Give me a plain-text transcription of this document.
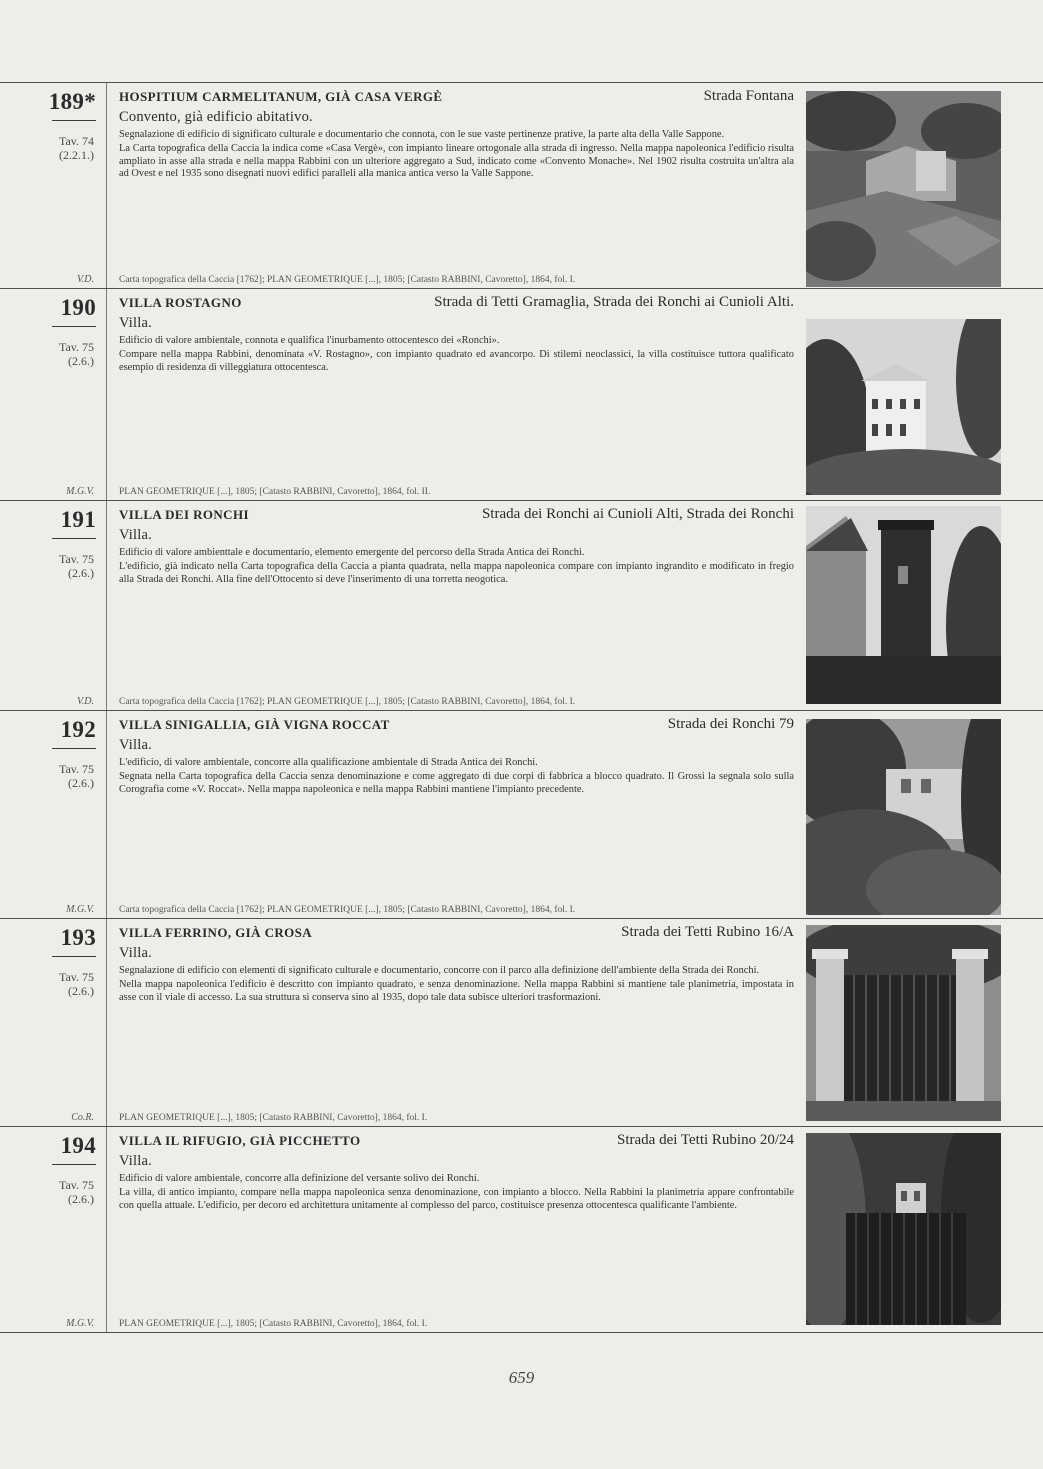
189*
Tav. 74
(2.2.1.)
V.D.
HOSPITIUM CARMELITANUM, GIÀ CASA VERGÈ	Strada Fontana
Convento, già edificio abitativo.

Segnalazione di edificio di significato culturale e documentario che connota, con le sue vaste pertinenze prative, la parte alta della Valle Sappone.

La Carta topografica della Caccia la indica come «Casa Vergè», con impianto lineare ortogonale alla strada di ingresso. Nella mappa napoleonica l'edificio risulta ampliato in asse alla strada e nella mappa Rabbini con un ulteriore aggregato a Sud, indicato come «Convento Monache». Nel 1902 risulta costruita un'altra ala ad Ovest e nel 1935 sono disegnati nuovi edifici paralleli alla manica antica verso la Valle Sappone.

Carta topografica della Caccia [1762]; PLAN GEOMÉTRIQUE [...], 1805; [Catasto RABBINI, Cavoretto], 1864, fol. I.
190
Tav. 75
(2.6.)
M.G.V.
VILLA ROSTAGNO	Strada di Tetti Gramaglia, Strada dei Ronchi ai Cunioli Alti.
Villa.

Edificio di valore ambientale, connota e qualifica l'inurbamento ottocentesco dei «Ronchi».

Compare nella mappa Rabbini, denominata «V. Rostagno», con impianto quadrato ed avancorpo. Di stilemi neoclassici, la villa costituisce tuttora qualificato esempio di residenza di villeggiatura ottocentesca.

PLAN GEOMÉTRIQUE [...], 1805; [Catasto RABBINI, Cavoretto], 1864, fol. II.
191
Tav. 75
(2.6.)
V.D.
VILLA DEI RONCHI	Strada dei Ronchi ai Cunioli Alti, Strada dei Ronchi
Villa.

Edificio di valore ambienttale e documentario, elemento emergente del percorso della Strada Antica dei Ronchi.

L'edificio, già indicato nella Carta topografica della Caccia a pianta quadrata, nella mappa napoleonica compare con impianto ingrandito e modificato in fregio alla Strada dei Ronchi. Alla fine dell'Ottocento si deve l'inserimento di una torretta neogotica.

Carta topografica della Caccia [1762]; PLAN GEOMÉTRIQUE [...], 1805; [Catasto RABBINI, Cavoretto], 1864, fol. I.
192
Tav. 75
(2.6.)
M.G.V.
VILLA SINIGALLIA, GIÀ VIGNA ROCCAT	Strada dei Ronchi 79
Villa.

L'edificio, di valore ambientale, concorre alla qualificazione ambientale di Strada Antica dei Ronchi.

Segnata nella Carta topografica della Caccia senza denominazione e come aggregato di due corpi di fabbrica a blocco quadrato. Il Grossi la segnala solo sulla Corografia come «V. Roccat». Nella mappa napoleonica e nella mappa Rabbini mantiene l'impianto precedente.

Carta topografica della Caccia [1762]; PLAN GEOMÉTRIQUE [...], 1805; [Catasto RABBINI, Cavoretto], 1864, fol. I.
193
Tav. 75
(2.6.)
Co.R.
VILLA FERRINO, GIÀ CROSA	Strada dei Tetti Rubino 16/A
Villa.

Segnalazione di edificio con elementi di significato culturale e documentario, concorre con il parco alla definizione dell'ambiente della Strada dei Ronchi.

Nella mappa napoleonica l'edificio è descritto con impianto quadrato, e senza denominazione. Nella mappa Rabbini si mantiene tale planimetria, impostata in asse con il viale di accesso. La sua struttura si conserva sino al 1935, dopo tale data subisce ulteriori trasformazioni.

PLAN GEOMÉTRIQUE [...], 1805; [Catasto RABBINI, Cavoretto], 1864, fol. I.
194
Tav. 75
(2.6.)
M.G.V.
VILLA IL RIFUGIO, GIÀ PICCHETTO	Strada dei Tetti Rubino 20/24
Villa.

Edificio di valore ambientale, concorre alla definizione del versante solivo dei Ronchi.

La villa, di antico impianto, compare nella mappa napoleonica senza denominazione, con impianto a blocco. Nella Rabbini la planimetria appare confrontabile con quella attuale. L'edificio, per decoro ed architettura unitamente al complesso del parco, costituisce presenza ottocentesca qualificante l'ambiente.

PLAN GEOMÉTRIQUE [...], 1805; [Catasto RABBINI, Cavoretto], 1864, fol. I.
659
